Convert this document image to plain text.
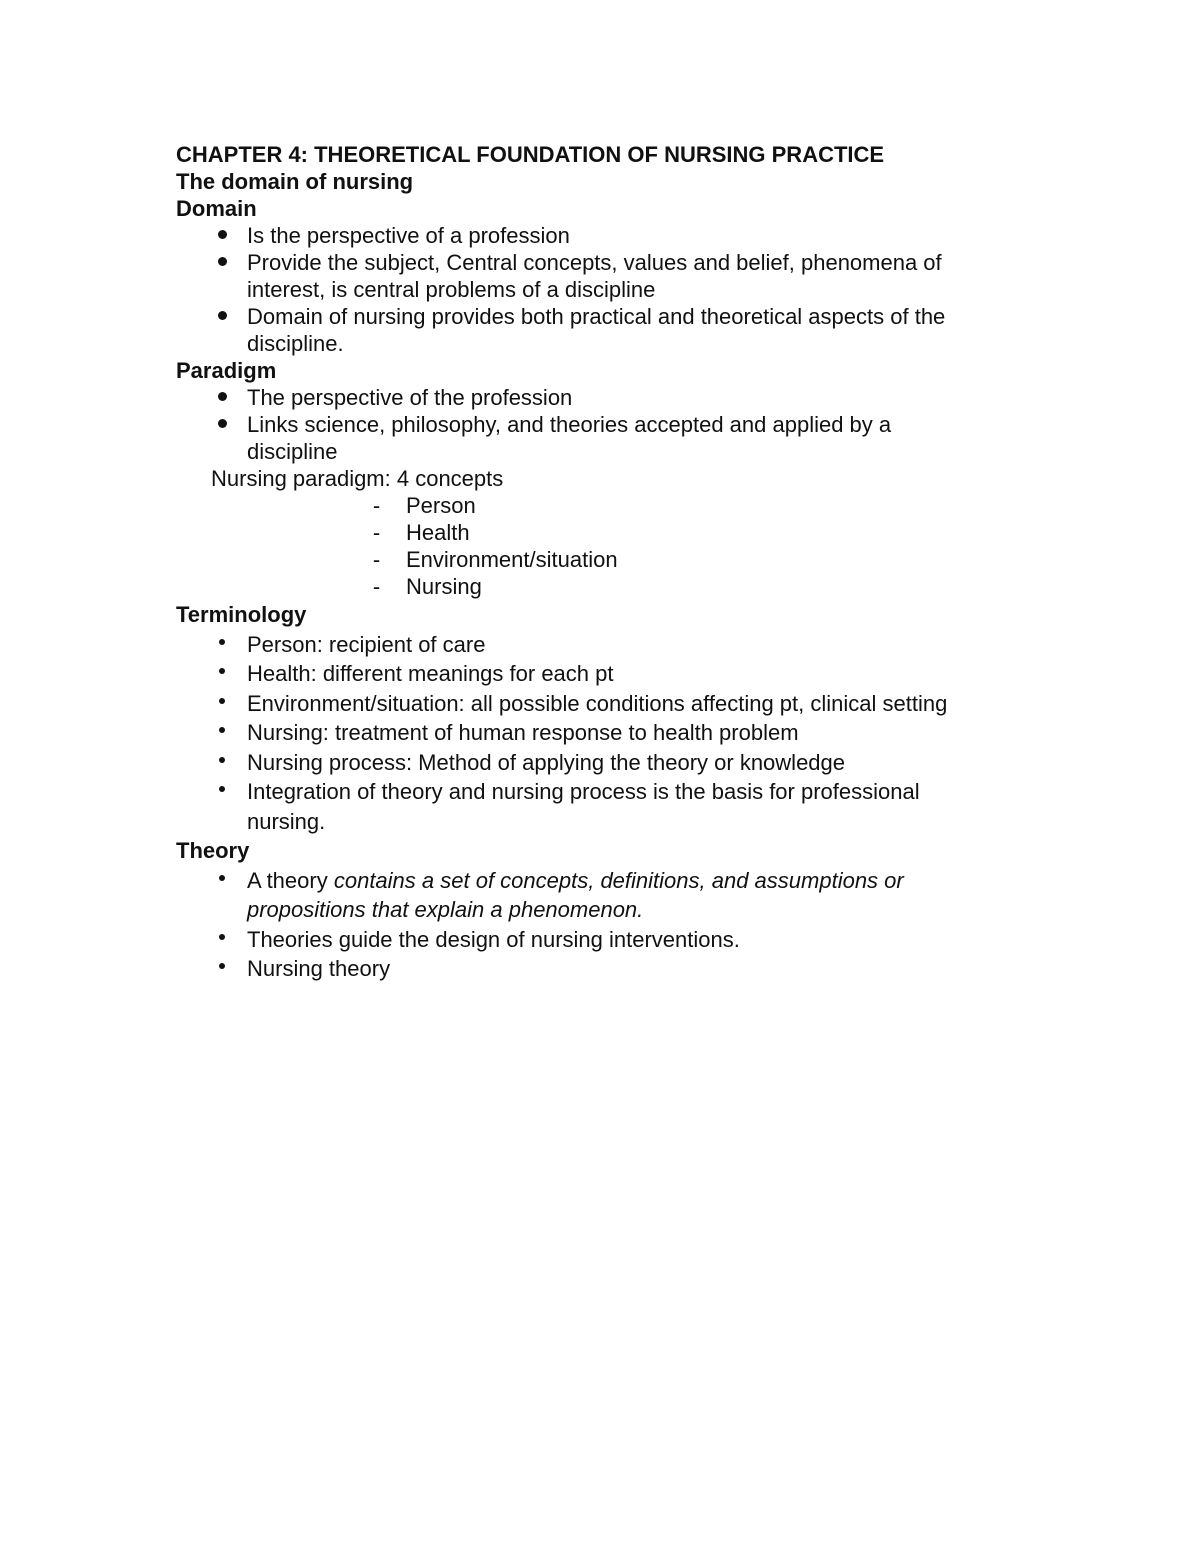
CHAPTER 4: THEORETICAL FOUNDATION OF NURSING PRACTICE
The domain of nursing
Domain
Is the perspective of a profession
Provide the subject, Central concepts, values and belief, phenomena of
interest, is central problems of a discipline
Domain of nursing provides both practical and theoretical aspects of the
discipline.
Paradigm
The perspective of the profession
Links science, philosophy, and theories accepted and applied by a
discipline
Nursing paradigm: 4 concepts
- Person
- Health
- Environment/situation
- Nursing
Terminology
Person: recipient of care
Health: different meanings for each pt
Environment/situation: all possible conditions affecting pt, clinical setting
Nursing: treatment of human response to health problem
Nursing process: Method of applying the theory or knowledge
Integration of theory and nursing process is the basis for professional
nursing.
Theory
A theory contains a set of concepts, definitions, and assumptions or
propositions that explain a phenomenon.
Theories guide the design of nursing interventions.
Nursing theory
